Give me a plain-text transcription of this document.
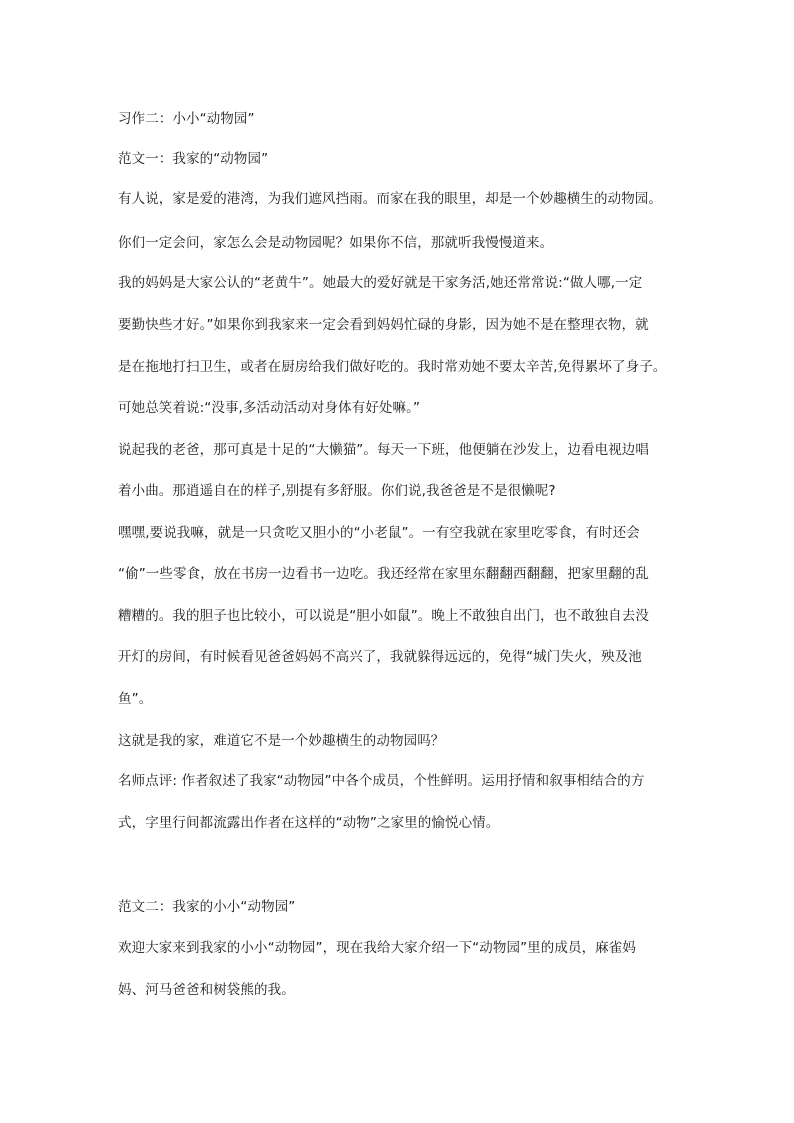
习作二：小小“动物园”
范文一：我家的“动物园”
有人说，家是爱的港湾，为我们遮风挡雨。而家在我的眼里，却是一个妙趣横生的动物园。
你们一定会问，家怎么会是动物园呢？如果你不信，那就听我慢慢道来。
我的妈妈是大家公认的“老黄牛”。她最大的爱好就是干家务活,她还常常说:“做人哪,一定
要勤快些才好。”如果你到我家来一定会看到妈妈忙碌的身影，因为她不是在整理衣物，就
是在拖地打扫卫生，或者在厨房给我们做好吃的。我时常劝她不要太辛苦,免得累坏了身子。
可她总笑着说:“没事,多活动活动对身体有好处嘛。”
说起我的老爸，那可真是十足的“大懒猫”。每天一下班，他便躺在沙发上，边看电视边唱
着小曲。那逍遥自在的样子,别提有多舒服。你们说,我爸爸是不是很懒呢?
嘿嘿,要说我嘛，就是一只贪吃又胆小的“小老鼠”。一有空我就在家里吃零食，有时还会
“偷”一些零食，放在书房一边看书一边吃。我还经常在家里东翻翻西翻翻，把家里翻的乱
糟糟的。我的胆子也比较小，可以说是“胆小如鼠”。晚上不敢独自出门，也不敢独自去没
开灯的房间，有时候看见爸爸妈妈不高兴了，我就躲得远远的，免得“城门失火，殃及池
鱼”。
这就是我的家，难道它不是一个妙趣横生的动物园吗？
名师点评: 作者叙述了我家“动物园”中各个成员，个性鲜明。运用抒情和叙事相结合的方
式，字里行间都流露出作者在这样的“动物”之家里的愉悦心情。
范文二：我家的小小“动物园”
欢迎大家来到我家的小小“动物园”，现在我给大家介绍一下“动物园”里的成员，麻雀妈
妈、河马爸爸和树袋熊的我。
